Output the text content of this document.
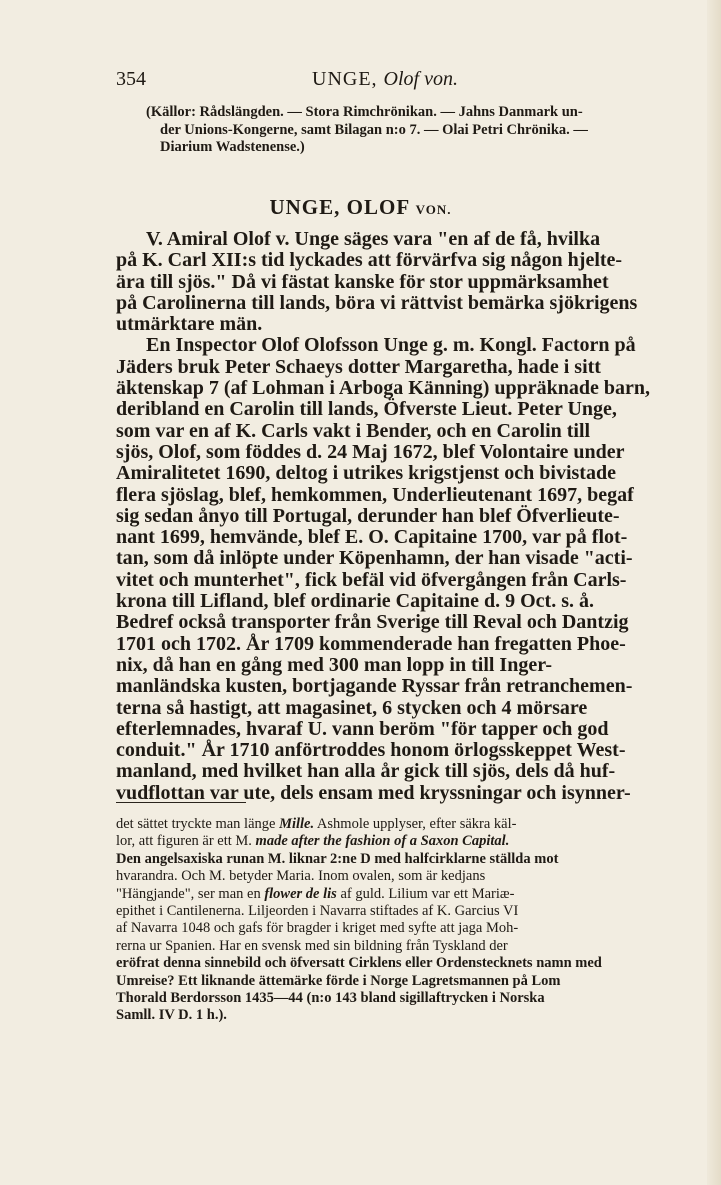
354	UNGE, Olof von.
(Källor: Rådslängden. — Stora Rimchrönikan. — Jahns Danmark un-
der Unions-Kongerne, samt Bilagan n:o 7. — Olai Petri Chrönika. —
Diarium Wadstenense.)
UNGE, OLOF VON.
V. Amiral Olof v. Unge säges vara "en af de få, hvilka
på K. Carl XII:s tid lyckades att förvärfva sig någon hjelte-
ära till sjös." Då vi fästat kanske för stor uppmärksamhet
på Carolinerna till lands, böra vi rättvist bemärka sjökrigens
utmärktare män.
En Inspector Olof Olofsson Unge g. m. Kongl. Factorn på
Jäders bruk Peter Schaeys dotter Margaretha, hade i sitt
äktenskap 7 (af Lohman i Arboga Känning) uppräknade barn,
deribland en Carolin till lands, Öfverste Lieut. Peter Unge,
som var en af K. Carls vakt i Bender, och en Carolin till
sjös, Olof, som föddes d. 24 Maj 1672, blef Volontaire under
Amiralitetet 1690, deltog i utrikes krigstjenst och bivistade
flera sjöslag, blef, hemkommen, Underlieutenant 1697, begaf
sig sedan ånyo till Portugal, derunder han blef Öfverlieute-
nant 1699, hemvände, blef E. O. Capitaine 1700, var på flot-
tan, som då inlöpte under Köpenhamn, der han visade "acti-
vitet och munterhet", fick befäl vid öfvergången från Carls-
krona till Lifland, blef ordinarie Capitaine d. 9 Oct. s. å.
Bedref också transporter från Sverige till Reval och Dantzig
1701 och 1702. År 1709 kommenderade han fregatten Phoe-
nix, då han en gång med 300 man lopp in till Inger-
manländska kusten, bortjagande Ryssar från retranchemen-
terna så hastigt, att magasinet, 6 stycken och 4 mörsare
efterlemnades, hvaraf U. vann beröm "för tapper och god
conduit." År 1710 anförtroddes honom örlogsskeppet West-
manland, med hvilket han alla år gick till sjös, dels då huf-
vudflottan var ute, dels ensam med kryssningar och isynner-
det sättet tryckte man länge Mille. Ashmole upplyser, efter säkra käl-
lor, att figuren är ett M. made after the fashion of a Saxon Capital.
Den angelsaxiska runan M. liknar 2:ne D med halfcirklarne ställda mot
hvarandra. Och M. betyder Maria. Inom ovalen, som är kedjans
"Hängjande", ser man en flower de lis af guld. Lilium var ett Mariæ-
epithet i Cantilenerna. Liljeorden i Navarra stiftades af K. Garcius VI
af Navarra 1048 och gafs för bragder i kriget med syfte att jaga Moh-
rerna ur Spanien. Har en svensk med sin bildning från Tyskland der
eröfrat denna sinnebild och öfversatt Cirklens eller Ordenstecknets namn med
Umreise? Ett liknande ättemärke förde i Norge Lagretsmannen på Lom
Thorald Berdorsson 1435—44 (n:o 143 bland sigillaftrycken i Norska
Samll. IV D. 1 h.).
